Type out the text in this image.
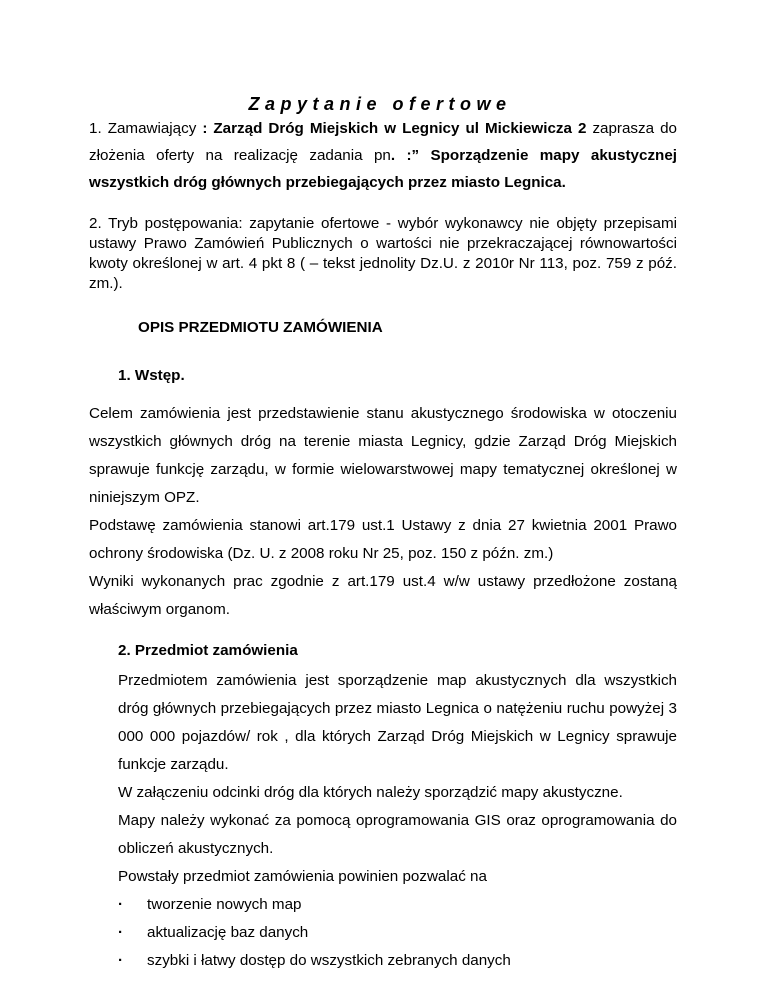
Zapytanie ofertowe

1. Zamawiający : Zarząd Dróg Miejskich w Legnicy ul Mickiewicza 2 zaprasza do złożenia oferty na realizację zadania pn. :” Sporządzenie mapy akustycznej wszystkich dróg głównych przebiegających przez miasto Legnica.

2. Tryb postępowania: zapytanie ofertowe - wybór wykonawcy nie objęty przepisami ustawy Prawo Zamówień Publicznych o wartości nie przekraczającej równowartości kwoty określonej w art. 4 pkt 8 ( – tekst jednolity Dz.U. z 2010r Nr 113, poz. 759 z póź. zm.).

OPIS PRZEDMIOTU ZAMÓWIENIA
1. Wstęp.

Celem zamówienia jest przedstawienie stanu akustycznego środowiska w otoczeniu wszystkich głównych dróg na terenie miasta Legnicy, gdzie Zarząd Dróg Miejskich sprawuje funkcję zarządu, w formie wielowarstwowej mapy tematycznej określonej w niniejszym OPZ.

Podstawę zamówienia stanowi art.179 ust.1 Ustawy z dnia 27 kwietnia 2001 Prawo ochrony środowiska (Dz. U. z 2008 roku Nr 25, poz. 150 z późn. zm.)

Wyniki wykonanych prac zgodnie z art.179 ust.4 w/w ustawy przedłożone zostaną właściwym organom.

2. Przedmiot zamówienia

Przedmiotem zamówienia jest sporządzenie map akustycznych dla wszystkich dróg głównych przebiegających przez miasto Legnica o natężeniu ruchu powyżej 3 000 000 pojazdów/ rok , dla których Zarząd Dróg Miejskich w Legnicy sprawuje funkcje zarządu.

W załączeniu odcinki dróg dla których należy sporządzić mapy akustyczne.

Mapy należy wykonać za pomocą oprogramowania GIS oraz oprogramowania do obliczeń akustycznych.

Powstały przedmiot zamówienia powinien pozwalać na

· tworzenie nowych map
· aktualizację baz danych
· szybki i łatwy dostęp do wszystkich zebranych danych
